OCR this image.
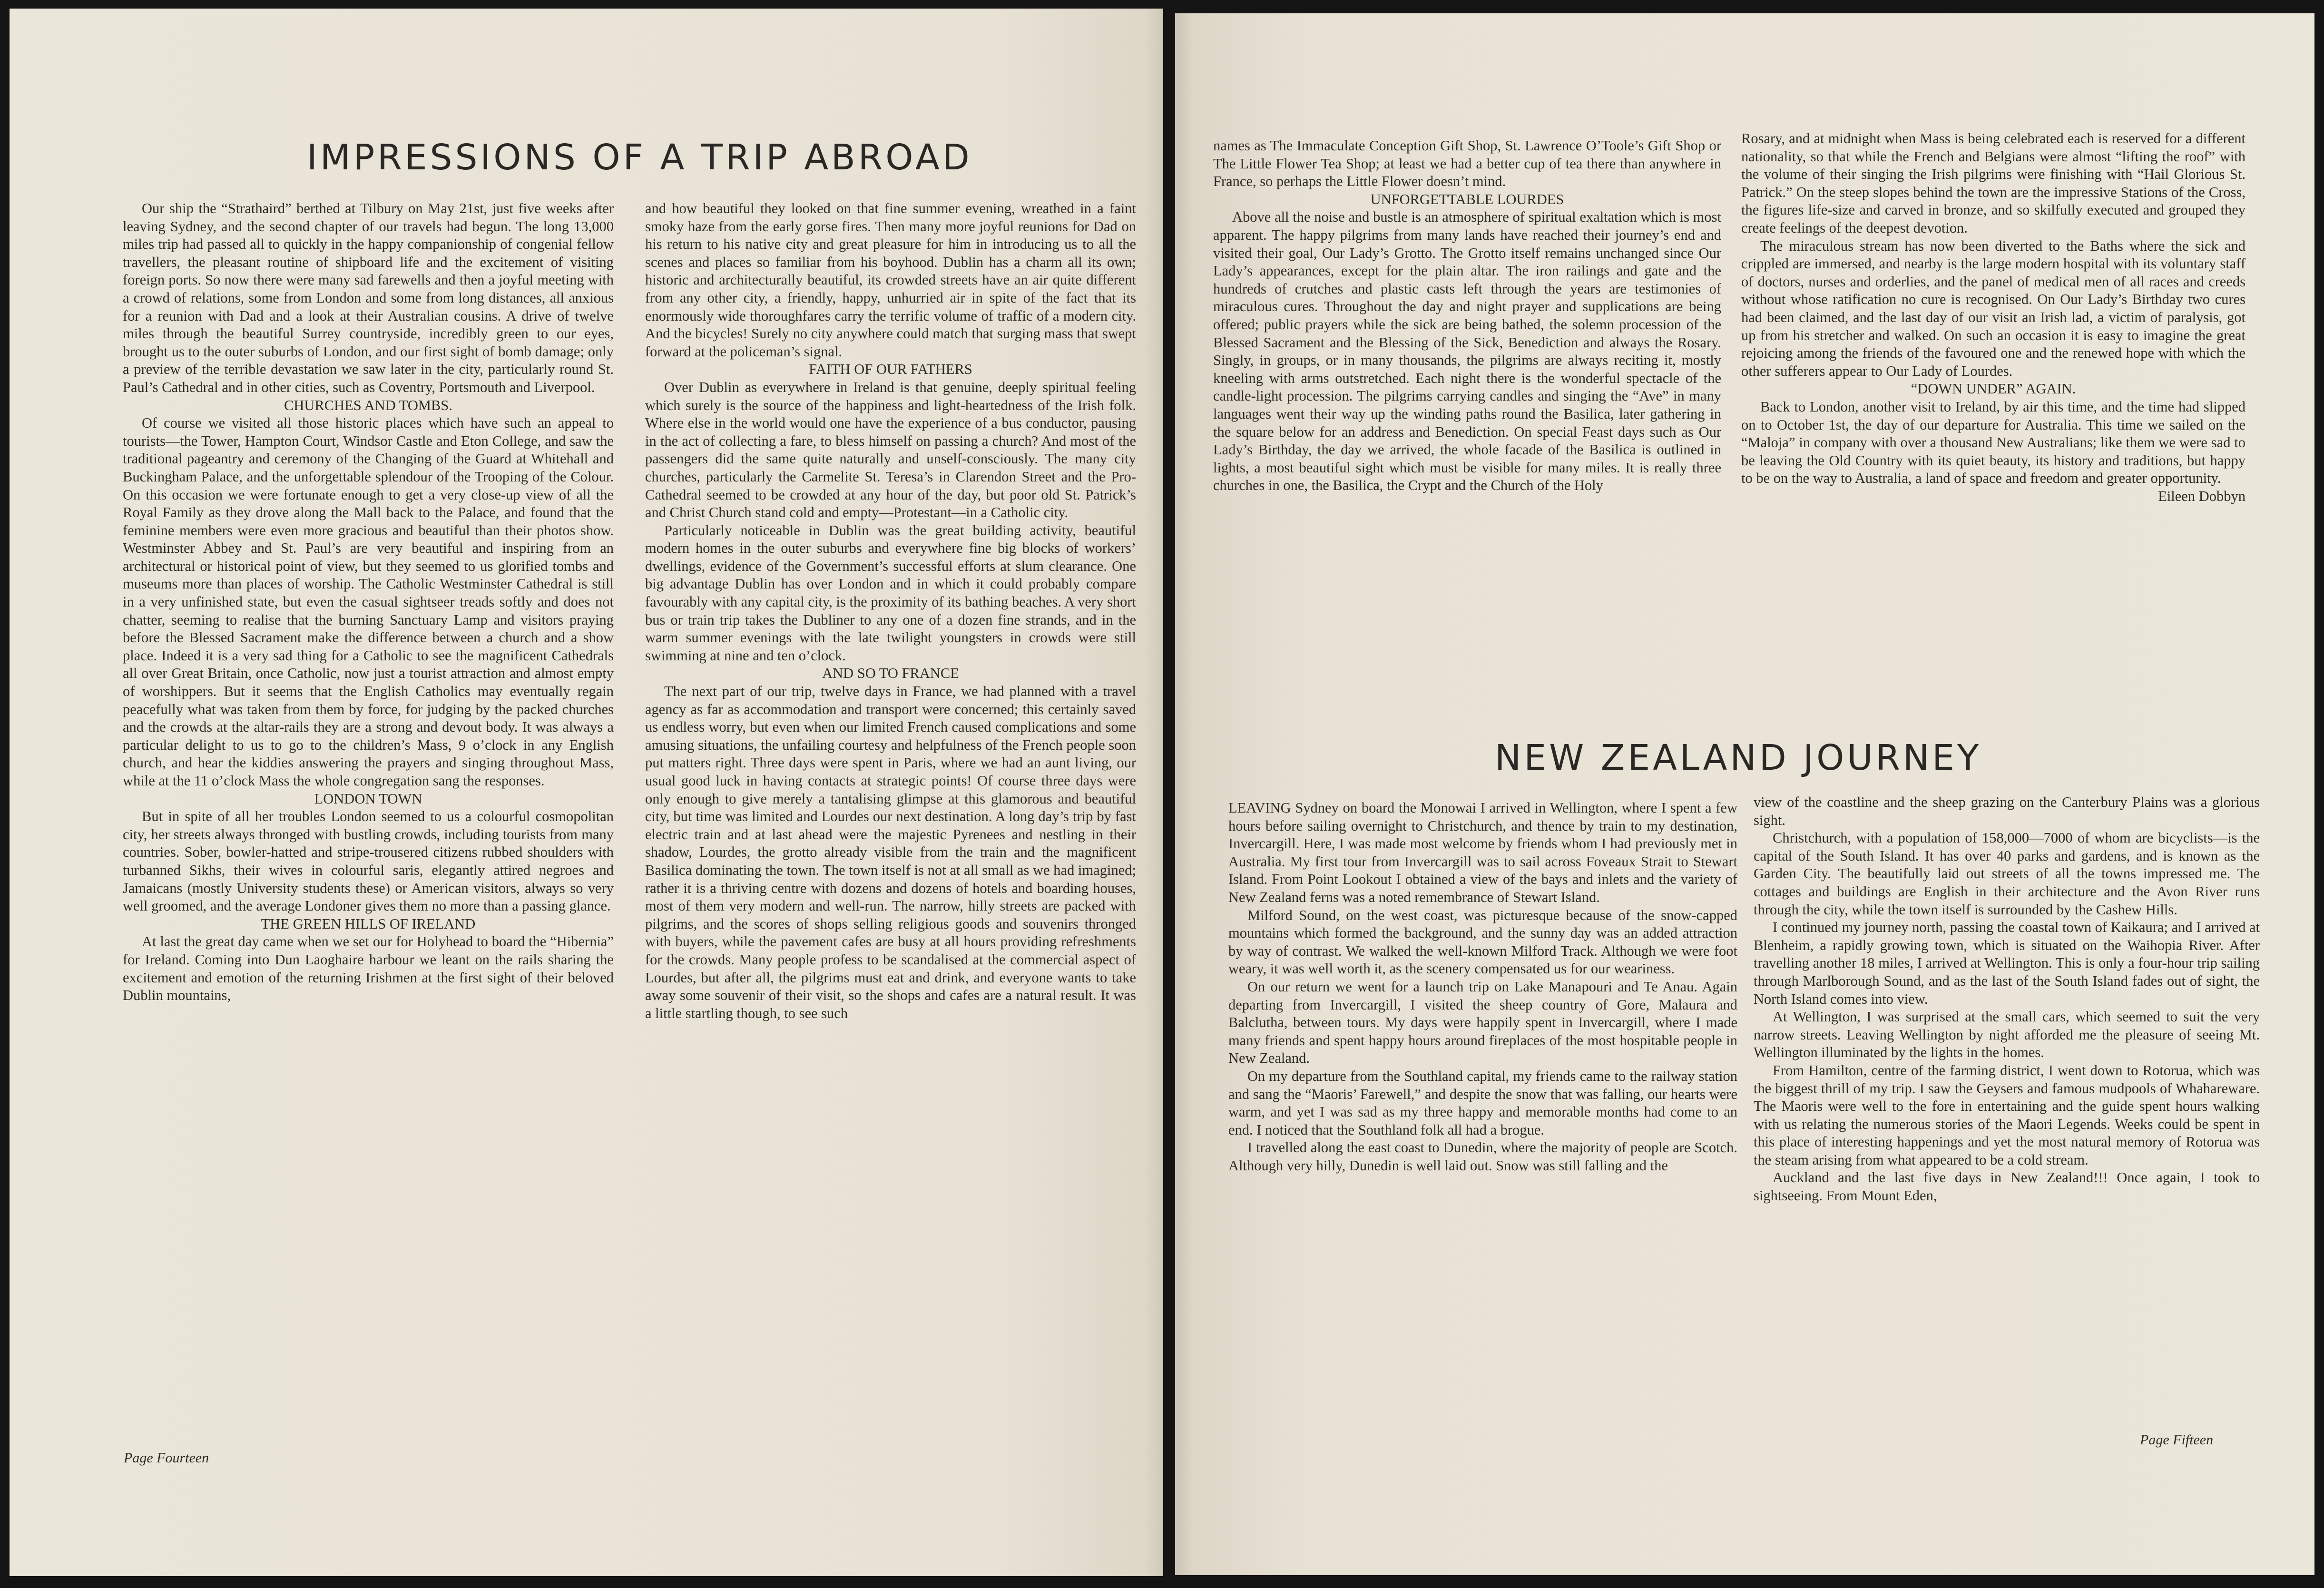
IMPRESSIONS OF A TRIP ABROAD

Our ship the “Strathaird” berthed at Tilbury on May 21st, just five weeks after leaving Sydney, and the second chapter of our travels had begun. The long 13,000 miles trip had passed all to quickly in the happy companionship of congenial fellow travellers, the pleasant routine of shipboard life and the excitement of visiting foreign ports. So now there were many sad farewells and then a joyful meeting with a crowd of relations, some from London and some from long distances, all anxious for a reunion with Dad and a look at their Australian cousins. A drive of twelve miles through the beautiful Surrey countryside, incredibly green to our eyes, brought us to the outer suburbs of London, and our first sight of bomb damage; only a preview of the terrible devastation we saw later in the city, particularly round St. Paul’s Cathedral and in other cities, such as Coventry, Portsmouth and Liverpool.

CHURCHES AND TOMBS.

Of course we visited all those historic places which have such an appeal to tourists—the Tower, Hampton Court, Windsor Castle and Eton College, and saw the traditional pageantry and ceremony of the Changing of the Guard at Whitehall and Buckingham Palace, and the unforgettable splendour of the Trooping of the Colour. On this occasion we were fortunate enough to get a very close-up view of all the Royal Family as they drove along the Mall back to the Palace, and found that the feminine members were even more gracious and beautiful than their photos show. Westminster Abbey and St. Paul’s are very beautiful and inspiring from an architectural or historical point of view, but they seemed to us glorified tombs and museums more than places of worship. The Catholic Westminster Cathedral is still in a very unfinished state, but even the casual sightseer treads softly and does not chatter, seeming to realise that the burning Sanctuary Lamp and visitors praying before the Blessed Sacrament make the difference between a church and a show place. Indeed it is a very sad thing for a Catholic to see the magnificent Cathedrals all over Great Britain, once Catholic, now just a tourist attraction and almost empty of worshippers. But it seems that the English Catholics may eventually regain peacefully what was taken from them by force, for judging by the packed churches and the crowds at the altar-rails they are a strong and devout body. It was always a particular delight to us to go to the children’s Mass, 9 o’clock in any English church, and hear the kiddies answering the prayers and singing throughout Mass, while at the 11 o’clock Mass the whole congregation sang the responses.

LONDON TOWN

But in spite of all her troubles London seemed to us a colourful cosmopolitan city, her streets always thronged with bustling crowds, including tourists from many countries. Sober, bowler-hatted and stripe-trousered citizens rubbed shoulders with turbanned Sikhs, their wives in colourful saris, elegantly attired negroes and Jamaicans (mostly University students these) or American visitors, always so very well groomed, and the average Londoner gives them no more than a passing glance.

THE GREEN HILLS OF IRELAND

At last the great day came when we set our for Holyhead to board the “Hibernia” for Ireland. Coming into Dun Laoghaire harbour we leant on the rails sharing the excitement and emotion of the returning Irishmen at the first sight of their beloved Dublin mountains,

and how beautiful they looked on that fine summer evening, wreathed in a faint smoky haze from the early gorse fires. Then many more joyful reunions for Dad on his return to his native city and great pleasure for him in introducing us to all the scenes and places so familiar from his boyhood. Dublin has a charm all its own; historic and architecturally beautiful, its crowded streets have an air quite different from any other city, a friendly, happy, unhurried air in spite of the fact that its enormously wide thoroughfares carry the terrific volume of traffic of a modern city. And the bicycles! Surely no city anywhere could match that surging mass that swept forward at the policeman’s signal.

FAITH OF OUR FATHERS

Over Dublin as everywhere in Ireland is that genuine, deeply spiritual feeling which surely is the source of the happiness and light-heartedness of the Irish folk. Where else in the world would one have the experience of a bus conductor, pausing in the act of collecting a fare, to bless himself on passing a church? And most of the passengers did the same quite naturally and unself-consciously. The many city churches, particularly the Carmelite St. Teresa’s in Clarendon Street and the Pro-Cathedral seemed to be crowded at any hour of the day, but poor old St. Patrick’s and Christ Church stand cold and empty—Protestant—in a Catholic city.

Particularly noticeable in Dublin was the great building activity, beautiful modern homes in the outer suburbs and everywhere fine big blocks of workers’ dwellings, evidence of the Government’s successful efforts at slum clearance. One big advantage Dublin has over London and in which it could probably compare favourably with any capital city, is the proximity of its bathing beaches. A very short bus or train trip takes the Dubliner to any one of a dozen fine strands, and in the warm summer evenings with the late twilight youngsters in crowds were still swimming at nine and ten o’clock.

AND SO TO FRANCE

The next part of our trip, twelve days in France, we had planned with a travel agency as far as accommodation and transport were concerned; this certainly saved us endless worry, but even when our limited French caused complications and some amusing situations, the unfailing courtesy and helpfulness of the French people soon put matters right. Three days were spent in Paris, where we had an aunt living, our usual good luck in having contacts at strategic points! Of course three days were only enough to give merely a tantalising glimpse at this glamorous and beautiful city, but time was limited and Lourdes our next destination. A long day’s trip by fast electric train and at last ahead were the majestic Pyrenees and nestling in their shadow, Lourdes, the grotto already visible from the train and the magnificent Basilica dominating the town. The town itself is not at all small as we had imagined; rather it is a thriving centre with dozens and dozens of hotels and boarding houses, most of them very modern and well-run. The narrow, hilly streets are packed with pilgrims, and the scores of shops selling religious goods and souvenirs thronged with buyers, while the pavement cafes are busy at all hours providing refreshments for the crowds. Many people profess to be scandalised at the commercial aspect of Lourdes, but after all, the pilgrims must eat and drink, and everyone wants to take away some souvenir of their visit, so the shops and cafes are a natural result. It was a little startling though, to see such

Page Fourteen

names as The Immaculate Conception Gift Shop, St. Lawrence O’Toole’s Gift Shop or The Little Flower Tea Shop; at least we had a better cup of tea there than anywhere in France, so perhaps the Little Flower doesn’t mind.

UNFORGETTABLE LOURDES

Above all the noise and bustle is an atmosphere of spiritual exaltation which is most apparent. The happy pilgrims from many lands have reached their journey’s end and visited their goal, Our Lady’s Grotto. The Grotto itself remains unchanged since Our Lady’s appearances, except for the plain altar. The iron railings and gate and the hundreds of crutches and plastic casts left through the years are testimonies of miraculous cures. Throughout the day and night prayer and supplications are being offered; public prayers while the sick are being bathed, the solemn procession of the Blessed Sacrament and the Blessing of the Sick, Benediction and always the Rosary. Singly, in groups, or in many thousands, the pilgrims are always reciting it, mostly kneeling with arms outstretched. Each night there is the wonderful spectacle of the candle-light procession. The pilgrims carrying candles and singing the “Ave” in many languages went their way up the winding paths round the Basilica, later gathering in the square below for an address and Benediction. On special Feast days such as Our Lady’s Birthday, the day we arrived, the whole facade of the Basilica is outlined in lights, a most beautiful sight which must be visible for many miles. It is really three churches in one, the Basilica, the Crypt and the Church of the Holy

Rosary, and at midnight when Mass is being celebrated each is reserved for a different nationality, so that while the French and Belgians were almost “lifting the roof” with the volume of their singing the Irish pilgrims were finishing with “Hail Glorious St. Patrick.” On the steep slopes behind the town are the impressive Stations of the Cross, the figures life-size and carved in bronze, and so skilfully executed and grouped they create feelings of the deepest devotion.

The miraculous stream has now been diverted to the Baths where the sick and crippled are immersed, and nearby is the large modern hospital with its voluntary staff of doctors, nurses and orderlies, and the panel of medical men of all races and creeds without whose ratification no cure is recognised. On Our Lady’s Birthday two cures had been claimed, and the last day of our visit an Irish lad, a victim of paralysis, got up from his stretcher and walked. On such an occasion it is easy to imagine the great rejoicing among the friends of the favoured one and the renewed hope with which the other sufferers appear to Our Lady of Lourdes.

“DOWN UNDER” AGAIN.

Back to London, another visit to Ireland, by air this time, and the time had slipped on to October 1st, the day of our departure for Australia. This time we sailed on the “Maloja” in company with over a thousand New Australians; like them we were sad to be leaving the Old Country with its quiet beauty, its history and traditions, but happy to be on the way to Australia, a land of space and freedom and greater opportunity.

Eileen Dobbyn
NEW ZEALAND JOURNEY

LEAVING Sydney on board the Monowai I arrived in Wellington, where I spent a few hours before sailing overnight to Christchurch, and thence by train to my destination, Invercargill. Here, I was made most welcome by friends whom I had previously met in Australia. My first tour from Invercargill was to sail across Foveaux Strait to Stewart Island. From Point Lookout I obtained a view of the bays and inlets and the variety of New Zealand ferns was a noted remembrance of Stewart Island.

Milford Sound, on the west coast, was picturesque because of the snow-capped mountains which formed the background, and the sunny day was an added attraction by way of contrast. We walked the well-known Milford Track. Although we were foot weary, it was well worth it, as the scenery compensated us for our weariness.

On our return we went for a launch trip on Lake Manapouri and Te Anau. Again departing from Invercargill, I visited the sheep country of Gore, Malaura and Balclutha, between tours. My days were happily spent in Invercargill, where I made many friends and spent happy hours around fireplaces of the most hospitable people in New Zealand.

On my departure from the Southland capital, my friends came to the railway station and sang the “Maoris’ Farewell,” and despite the snow that was falling, our hearts were warm, and yet I was sad as my three happy and memorable months had come to an end. I noticed that the Southland folk all had a brogue.

I travelled along the east coast to Dunedin, where the majority of people are Scotch. Although very hilly, Dunedin is well laid out. Snow was still falling and the

view of the coastline and the sheep grazing on the Canterbury Plains was a glorious sight.

Christchurch, with a population of 158,000—7000 of whom are bicyclists—is the capital of the South Island. It has over 40 parks and gardens, and is known as the Garden City. The beautifully laid out streets of all the towns impressed me. The cottages and buildings are English in their architecture and the Avon River runs through the city, while the town itself is surrounded by the Cashew Hills.

I continued my journey north, passing the coastal town of Kaikaura; and I arrived at Blenheim, a rapidly growing town, which is situated on the Waihopia River. After travelling another 18 miles, I arrived at Wellington. This is only a four-hour trip sailing through Marlborough Sound, and as the last of the South Island fades out of sight, the North Island comes into view.

At Wellington, I was surprised at the small cars, which seemed to suit the very narrow streets. Leaving Wellington by night afforded me the pleasure of seeing Mt. Wellington illuminated by the lights in the homes.

From Hamilton, centre of the farming district, I went down to Rotorua, which was the biggest thrill of my trip. I saw the Geysers and famous mudpools of Whahareware. The Maoris were well to the fore in entertaining and the guide spent hours walking with us relating the numerous stories of the Maori Legends. Weeks could be spent in this place of interesting happenings and yet the most natural memory of Rotorua was the steam arising from what appeared to be a cold stream.

Auckland and the last five days in New Zealand!!! Once again, I took to sightseeing. From Mount Eden,

Page Fifteen
